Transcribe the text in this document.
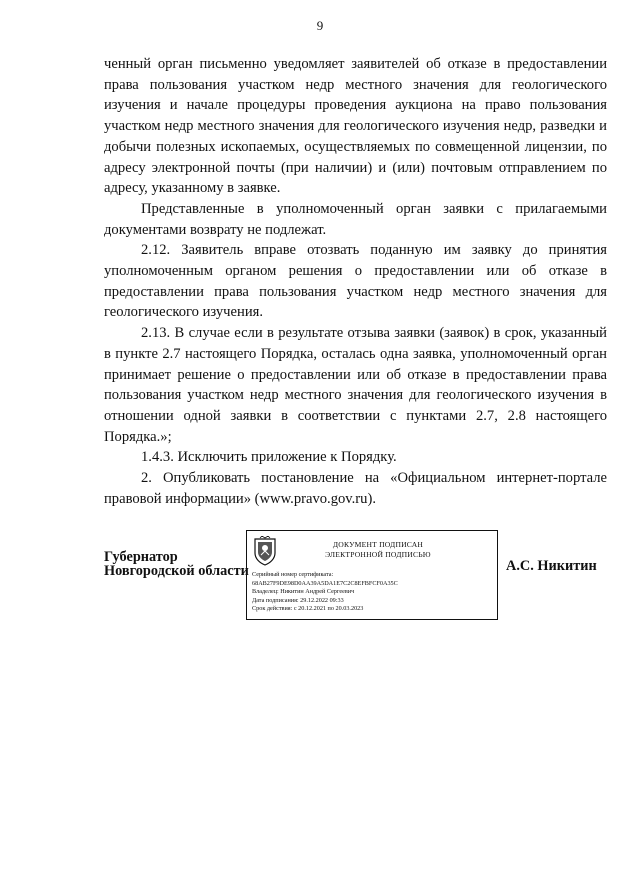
9

ченный орган письменно уведомляет заявителей об отказе в предоставлении права пользования участком недр местного значения для геологического изучения и начале процедуры проведения аукциона на право пользования участком недр местного значения для геологического изучения недр, разведки и добычи полезных ископаемых, осуществляемых по совмещенной лицензии, по адресу электронной почты (при наличии) и (или) почтовым отправлением по адресу, указанному в заявке.

Представленные в уполномоченный орган заявки с прилагаемыми документами возврату не подлежат.

2.12. Заявитель вправе отозвать поданную им заявку до принятия уполномоченным органом решения о предоставлении или об отказе в предоставлении права пользования участком недр местного значения для геологического изучения.

2.13. В случае если в результате отзыва заявки (заявок) в срок, указанный в пункте 2.7 настоящего Порядка, осталась одна заявка, уполномоченный орган принимает решение о предоставлении или об отказе в предоставлении права пользования участком недр местного значения для геологического изучения в отношении одной заявки в соответствии с пунктами 2.7, 2.8 настоящего Порядка.»;

1.4.3. Исключить приложение к Порядку.

2. Опубликовать постановление на «Официальном интернет-портале правовой информации» (www.pravo.gov.ru).

Губернатор
Новгородской области
ДОКУМЕНТ ПОДПИСАН
ЭЛЕКТРОННОЙ ПОДПИСЬЮ
Серийный номер сертификата:
68AB27F9DE98D0AA39A5DA1E7C2C8EFBFCF0A35C
Владелец: Никитин Андрей Сергеевич
Дата подписания: 29.12.2022 09:33
Срок действия: с 20.12.2021 по 20.03.2023
А.С. Никитин
